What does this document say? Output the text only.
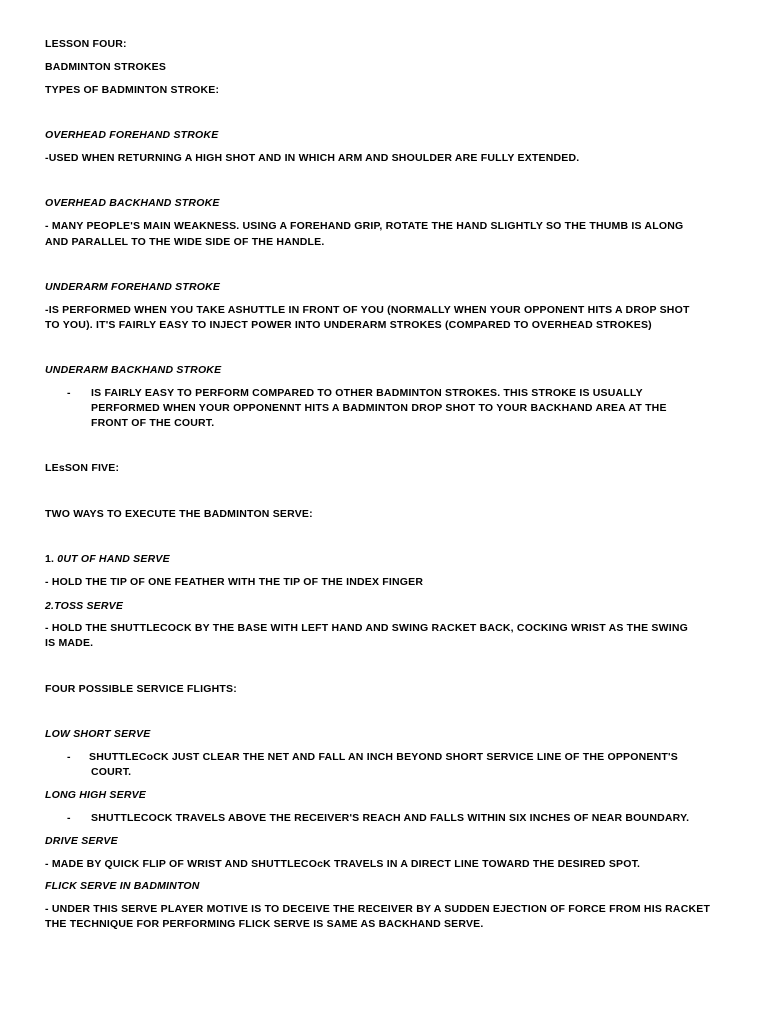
LESSON FOUR:
BADMINTON STROKES
TYPES OF BADMINTON STROKE:
OVERHEAD FOREHAND STROKE
-USED WHEN RETURNING A HIGH SHOT AND IN WHICH ARM AND SHOULDER ARE FULLY EXTENDED.
OVERHEAD BACKHAND STROKE
- MANY PEOPLE'S MAIN WEAKNESS. USING A FOREHAND GRIP, ROTATE THE HAND SLIGHTLY SO THE THUMB IS ALONG
AND PARALLEL TO THE WIDE SIDE OF THE HANDLE.
UNDERARM FOREHAND STROKE
-IS PERFORMED WHEN YOU TAKE ASHUTTLE IN FRONT OF YOU (NORMALLY WHEN YOUR OPPONENT HITS A DROP SHOT
TO YOU). IT'S FAIRLY EASY TO INJECT POWER INTO UNDERARM STROKES (COMPARED TO OVERHEAD STROKES)
UNDERARM BACKHAND STROKE
- IS FAIRLY EASY TO PERFORM COMPARED TO OTHER BADMINTON STROKES. THIS STROKE IS USUALLY
PERFORMED WHEN YOUR OPPONENNT HITS A BADMINTON DROP SHOT TO YOUR BACKHAND AREA AT THE
FRONT OF THE COURT.
LEsSON FIVE:
TWO WAYS TO EXECUTE THE BADMINTON SERVE:
1. 0UT OF HAND SERVE
- HOLD THE TIP OF ONE FEATHER WITH THE TIP OF THE INDEX FINGER
2.TOSS SERVE
- HOLD THE SHUTTLECOCK BY THE BASE WITH LEFT HAND AND SWING RACKET BACK, COCKING WRIST AS THE SWING
IS MADE.
FOUR POSSIBLE SERVICE FLIGHTS:
LOW SHORT SERVE
- SHUTTLECoCK JUST CLEAR THE NET AND FALL AN INCH BEYOND SHORT SERVICE LINE OF THE OPPONENT'S
COURT.
LONG HIGH SERVE
- SHUTTLECOCK TRAVELS ABOVE THE RECEIVER'S REACH AND FALLS WITHIN SIX INCHES OF NEAR BOUNDARY.
DRIVE SERVE
- MADE BY QUICK FLIP OF WRIST AND SHUTTLECOcK TRAVELS IN A DIRECT LINE TOWARD THE DESIRED SPOT.
FLICK SERVE IN BADMINTON
- UNDER THIS SERVE PLAYER MOTIVE IS TO DECEIVE THE RECEIVER BY A SUDDEN EJECTION OF FORCE FROM HIS RACKET
THE TECHNIQUE FOR PERFORMING FLICK SERVE IS SAME AS BACKHAND SERVE.
